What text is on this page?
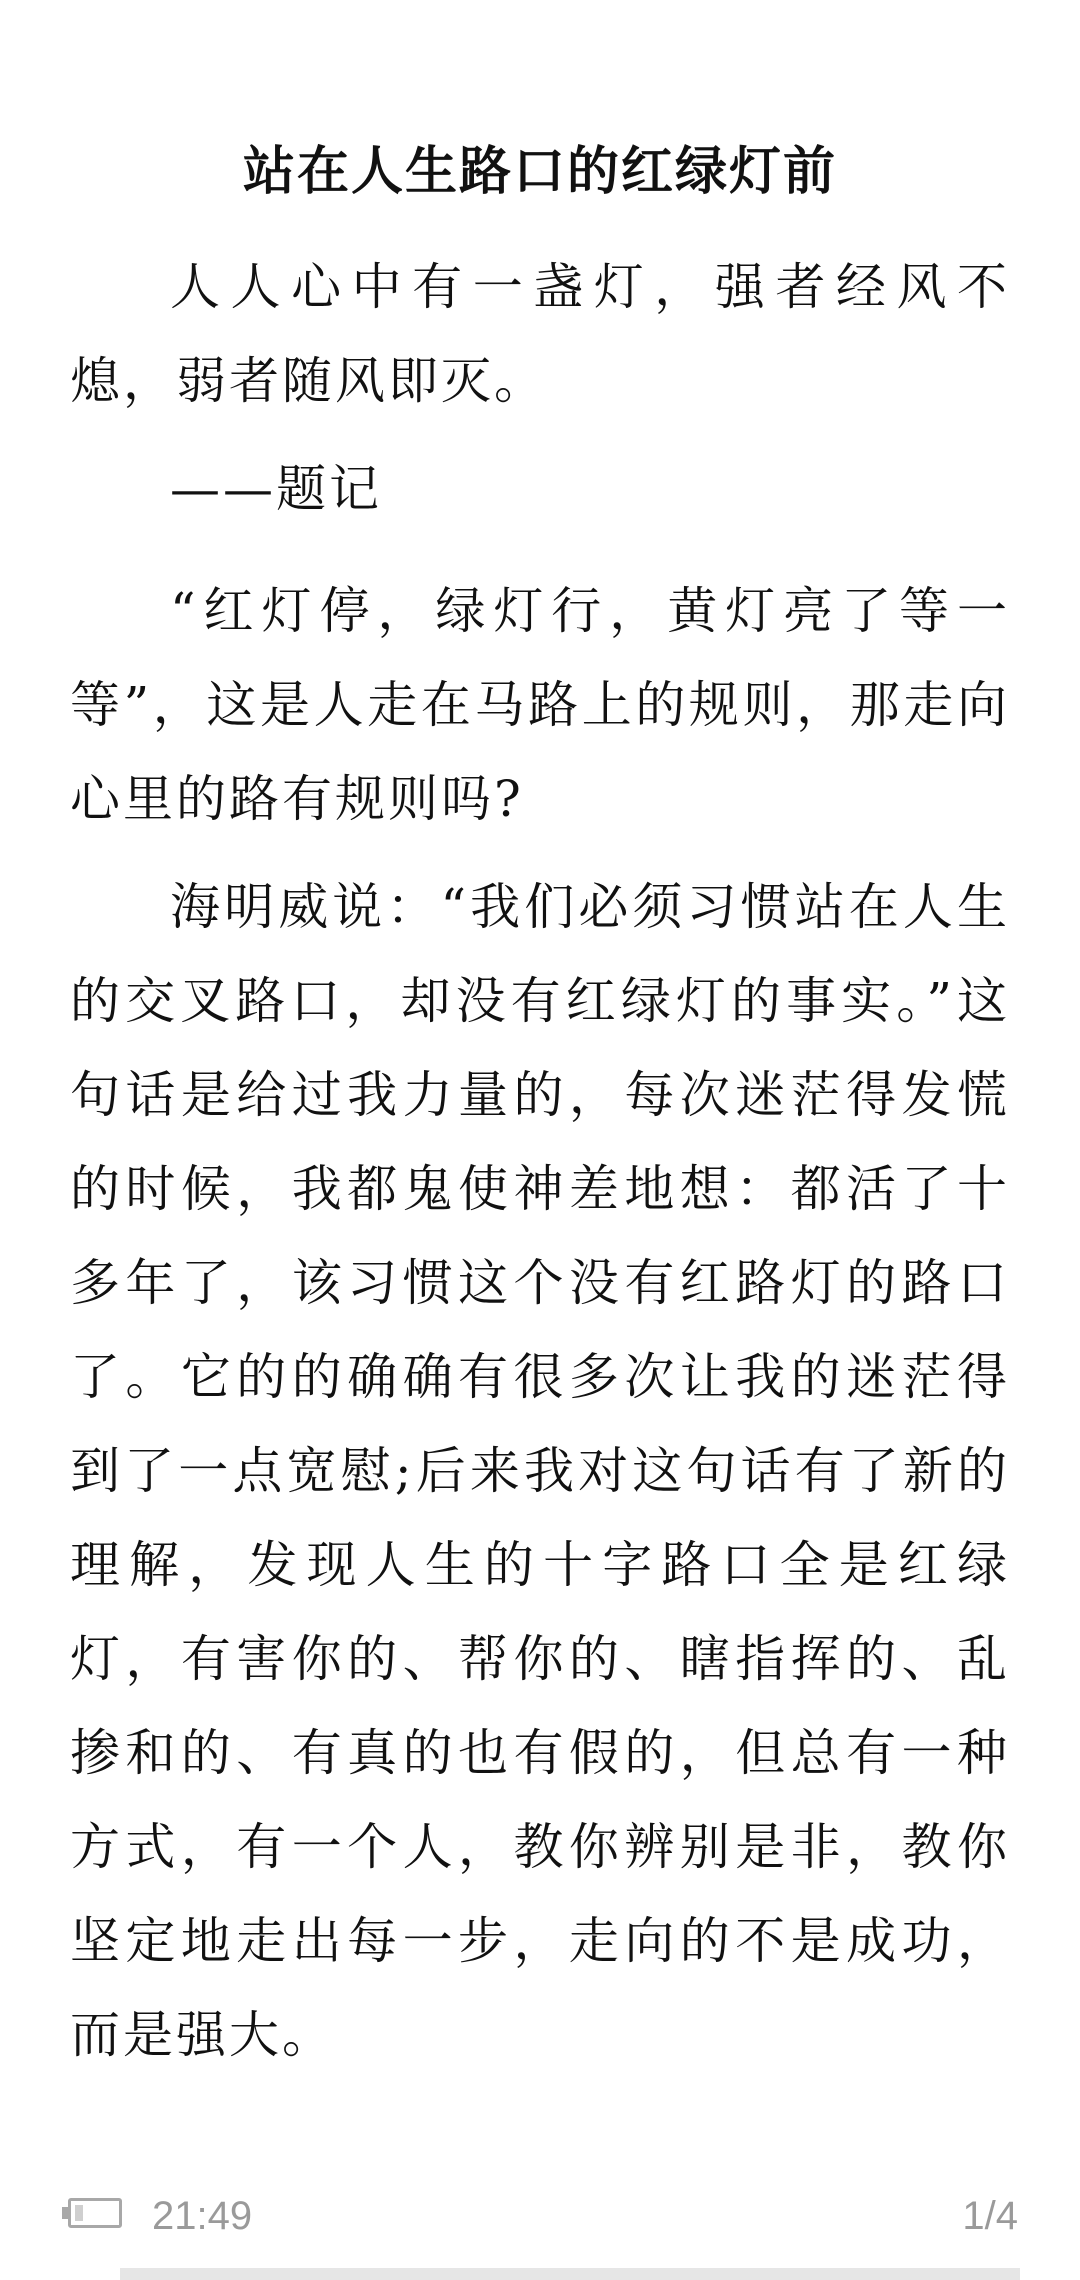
站在人生路口的红绿灯前

人人心中有一盏灯，强者经风不熄，弱者随风即灭。

——题记

“红灯停，绿灯行，黄灯亮了等一等”，这是人走在马路上的规则，那走向心里的路有规则吗?

海明威说：“我们必须习惯站在人生的交叉路口，却没有红绿灯的事实。”这句话是给过我力量的，每次迷茫得发慌的时候，我都鬼使神差地想：都活了十多年了，该习惯这个没有红路灯的路口了。它的的确确有很多次让我的迷茫得到了一点宽慰;后来我对这句话有了新的理解，发现人生的十字路口全是红绿灯，有害你的、帮你的、瞎指挥的、乱掺和的、有真的也有假的，但总有一种方式，有一个人，教你辨别是非，教你坚定地走出每一步，走向的不是成功，而是强大。

21:49	1/4
